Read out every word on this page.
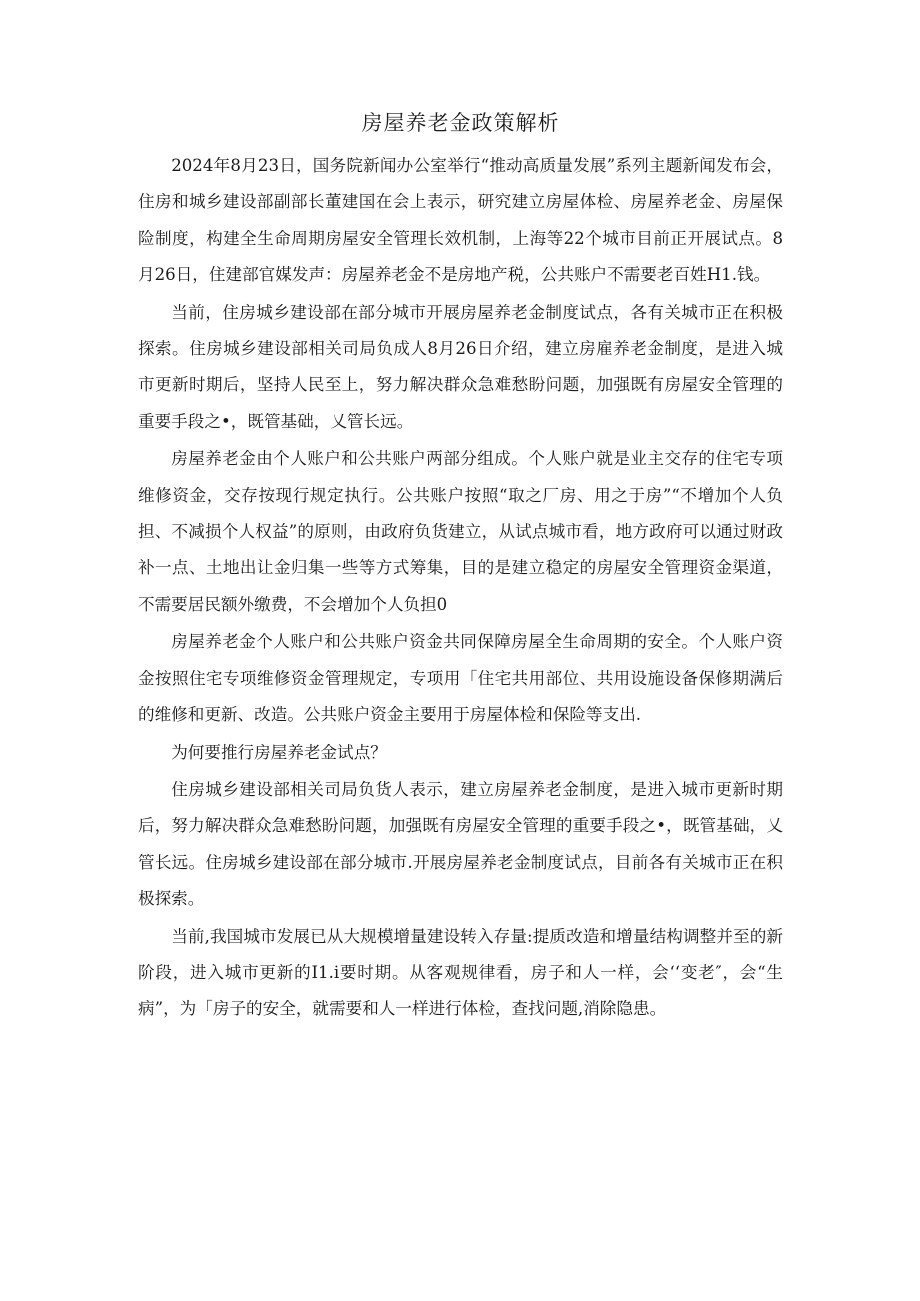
房屋养老金政策解析

2024年8月23日，国务院新闻办公室举行“推动高质量发展”系列主题新闻发布会，住房和城乡建设部副部长董建国在会上表示，研究建立房屋体检、房屋养老金、房屋保险制度，构建全生命周期房屋安全管理长效机制，上海等22个城市目前正开展试点。8月26日，住建部官媒发声：房屋养老金不是房地产税，公共账户不需要老百姓H1.钱。

当前，住房城乡建设部在部分城市开展房屋养老金制度试点，各有关城市正在积极探索。住房城乡建设部相关司局负成人8月26日介绍，建立房雇养老金制度，是进入城市更新时期后，坚持人民至上，努力解决群众急难愁盼问题，加强既有房屋安全管理的重要手段之•，既管基础，乂管长远。

房屋养老金由个人账户和公共账户两部分组成。个人账户就是业主交存的住宅专项维修资金，交存按现行规定执行。公共账户按照“取之厂房、用之于房”“不增加个人负担、不减损个人权益”的原则，由政府负货建立，从试点城市看，地方政府可以通过财政补一点、土地出让金归集一些等方式筹集，目的是建立稳定的房屋安全管理资金渠道，不需要居民额外缴费，不会增加个人负担0

房屋养老金个人账户和公共账户资金共同保障房屋全生命周期的安全。个人账户资金按照住宅专项维修资金管理规定，专项用「住宅共用部位、共用设施设备保修期满后的维修和更新、改造。公共账户资金主要用于房屋体检和保险等支出.

为何要推行房屋养老金试点？

住房城乡建设部相关司局负货人表示，建立房屋养老金制度，是进入城市更新时期后，努力解决群众急难愁盼问题，加强既有房屋安全管理的重要手段之•，既管基础，乂管长远。住房城乡建设部在部分城市.开展房屋养老金制度试点，目前各有关城市正在积极探索。

当前,我国城市发展已从大规模增量建设转入存量:提质改造和增量结构调整并至的新阶段，进入城市更新的I1.i要时期。从客观规律看，房子和人一样，会‘‘变老″，会“生病”，为「房子的安全，就需要和人一样进行体检，查找问题,消除隐患。
